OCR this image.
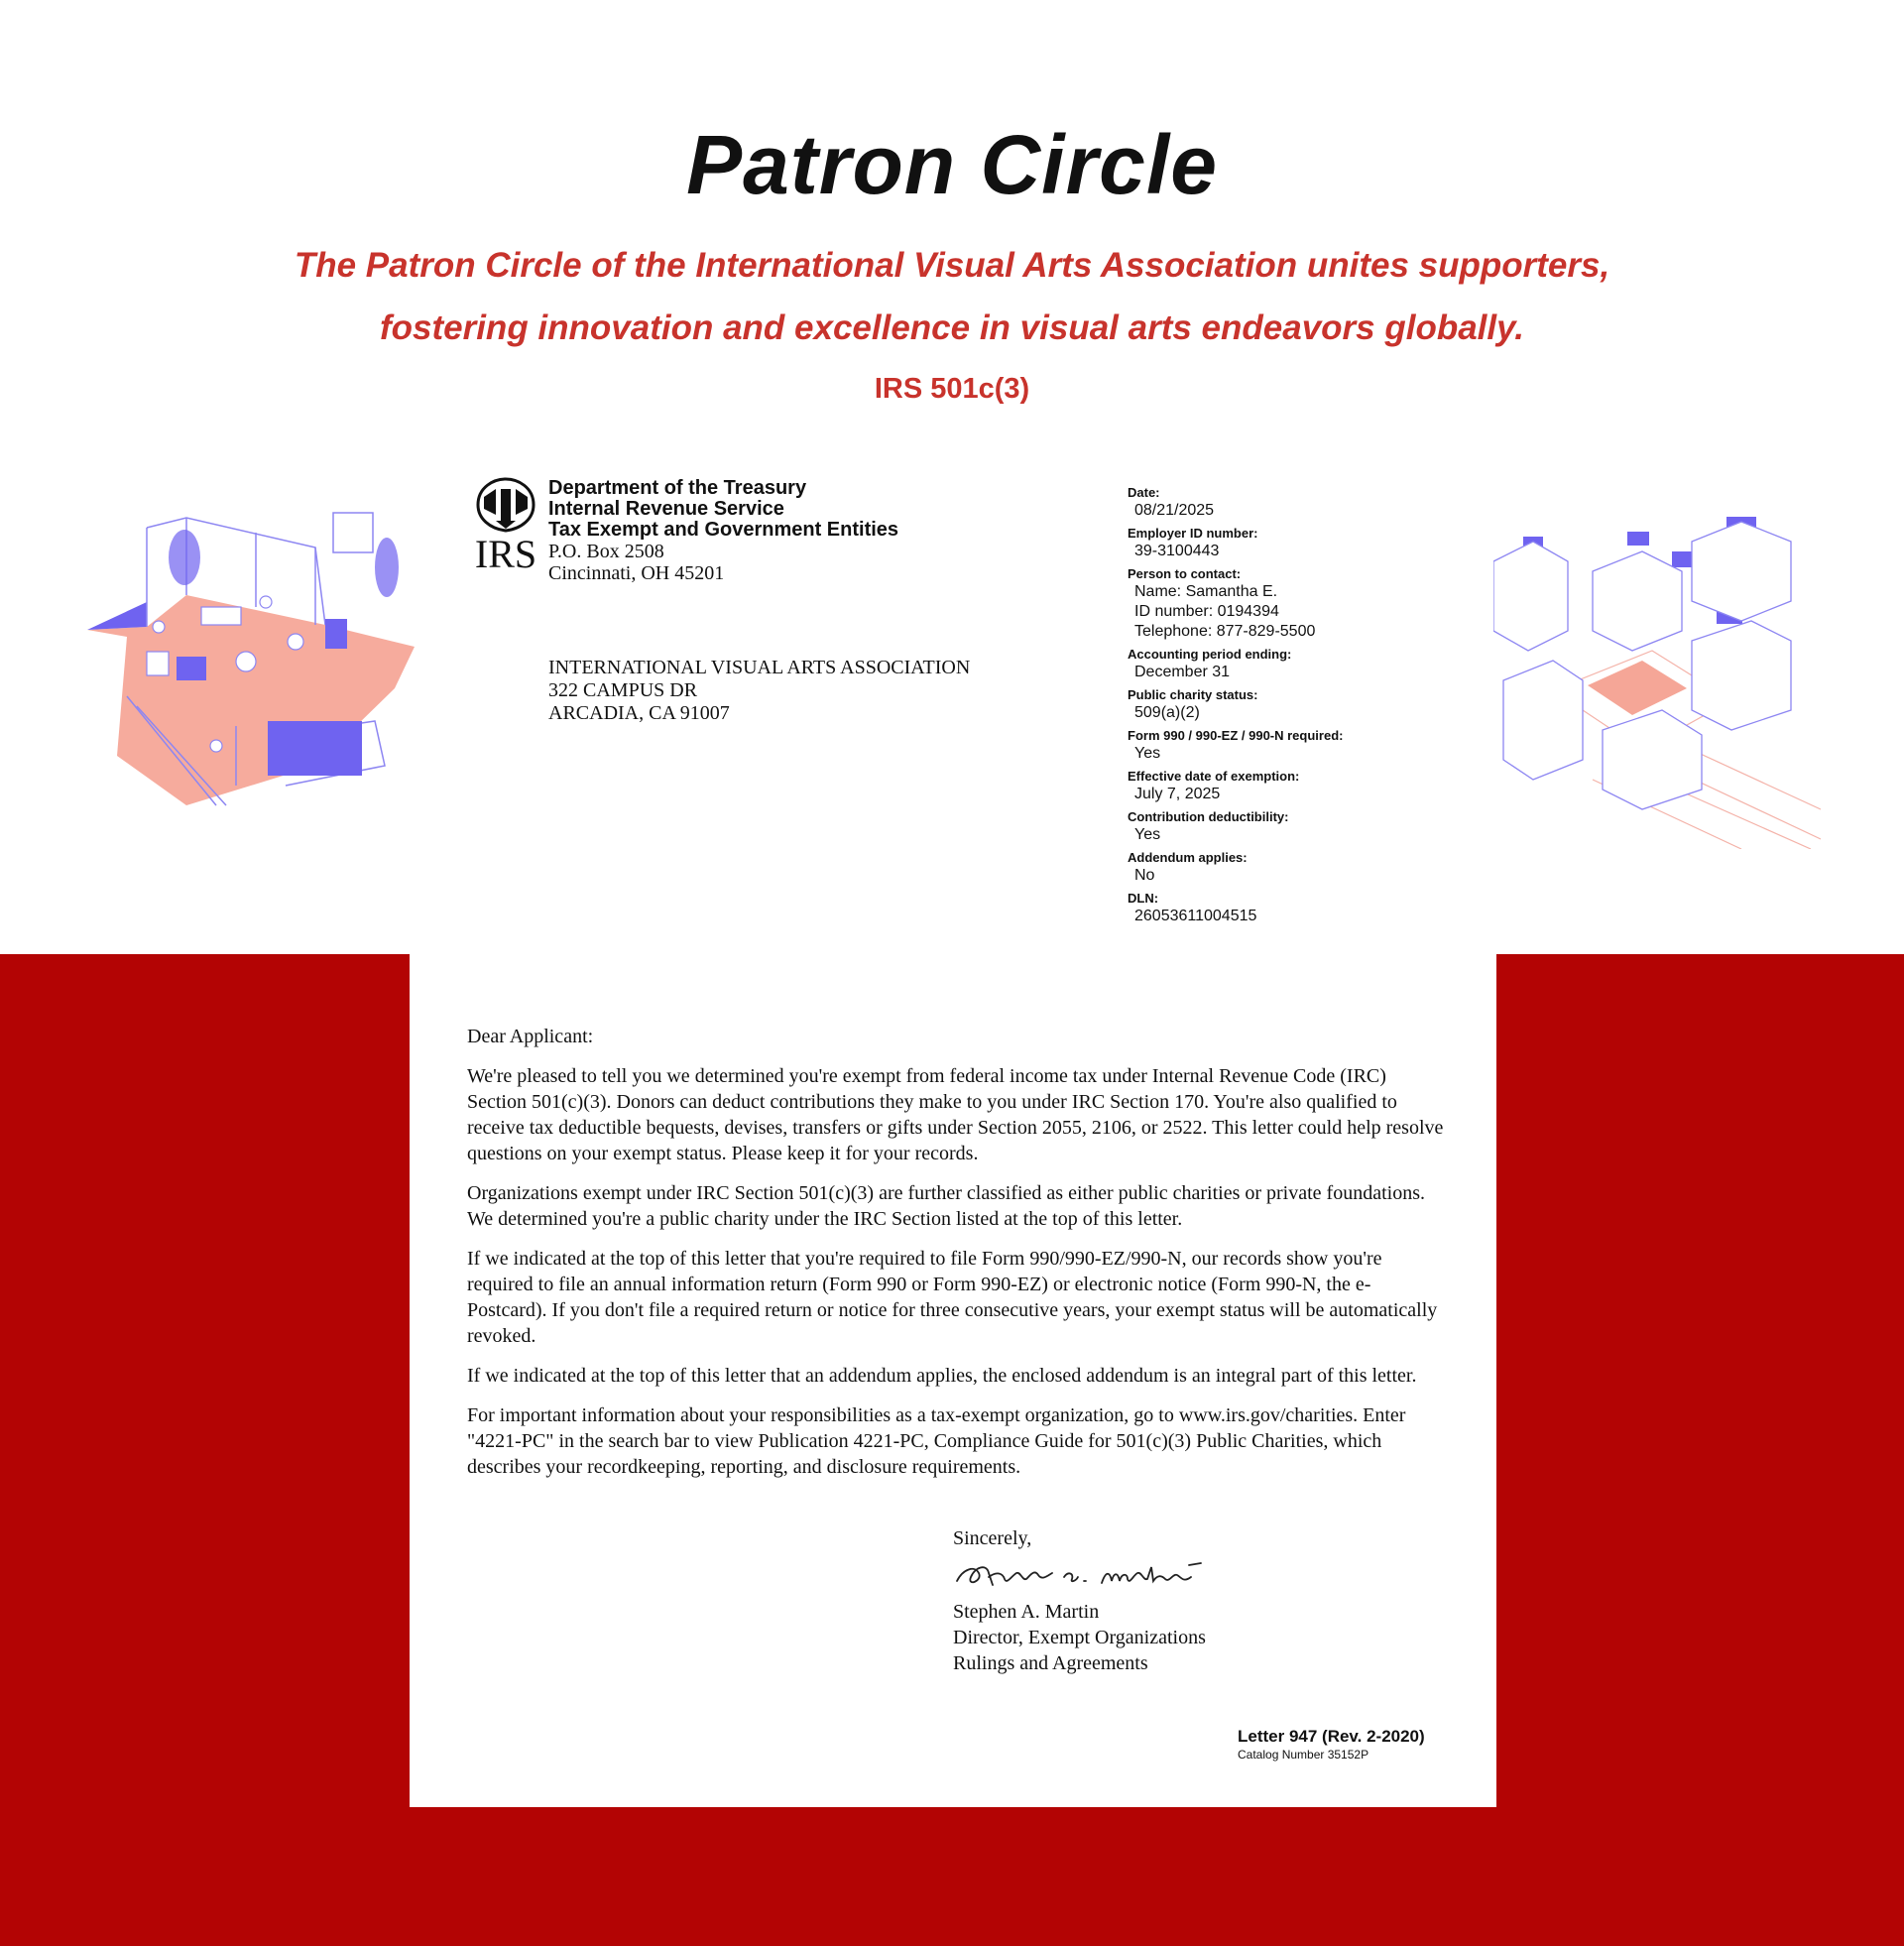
Patron Circle
The Patron Circle of the International Visual Arts Association unites supporters,
fostering innovation and excellence in visual arts endeavors globally.
IRS 501c(3)
IRS
Department of the Treasury
Internal Revenue Service
Tax Exempt and Government Entities
P.O. Box 2508
Cincinnati, OH 45201
INTERNATIONAL VISUAL ARTS ASSOCIATION
322 CAMPUS DR
ARCADIA, CA 91007
Date:
08/21/2025
Employer ID number:
39-3100443
Person to contact:
Name: Samantha E.
ID number: 0194394
Telephone: 877-829-5500
Accounting period ending:
December 31
Public charity status:
509(a)(2)
Form 990 / 990-EZ / 990-N required:
Yes
Effective date of exemption:
July 7, 2025
Contribution deductibility:
Yes
Addendum applies:
No
DLN:
26053611004515

Dear Applicant:

We're pleased to tell you we determined you're exempt from federal income tax under Internal Revenue Code (IRC) Section 501(c)(3). Donors can deduct contributions they make to you under IRC Section 170. You're also qualified to receive tax deductible bequests, devises, transfers or gifts under Section 2055, 2106, or 2522. This letter could help resolve questions on your exempt status. Please keep it for your records.

Organizations exempt under IRC Section 501(c)(3) are further classified as either public charities or private foundations. We determined you're a public charity under the IRC Section listed at the top of this letter.

If we indicated at the top of this letter that you're required to file Form 990/990-EZ/990-N, our records show you're required to file an annual information return (Form 990 or Form 990-EZ) or electronic notice (Form 990-N, the e-Postcard). If you don't file a required return or notice for three consecutive years, your exempt status will be automatically revoked.

If we indicated at the top of this letter that an addendum applies, the enclosed addendum is an integral part of this letter.

For important information about your responsibilities as a tax-exempt organization, go to www.irs.gov/charities. Enter "4221-PC" in the search bar to view Publication 4221-PC, Compliance Guide for 501(c)(3) Public Charities, which describes your recordkeeping, reporting, and disclosure requirements.

Sincerely,
Stephen A. Martin
Director, Exempt Organizations
Rulings and Agreements
Letter 947 (Rev. 2-2020)
Catalog Number 35152P
